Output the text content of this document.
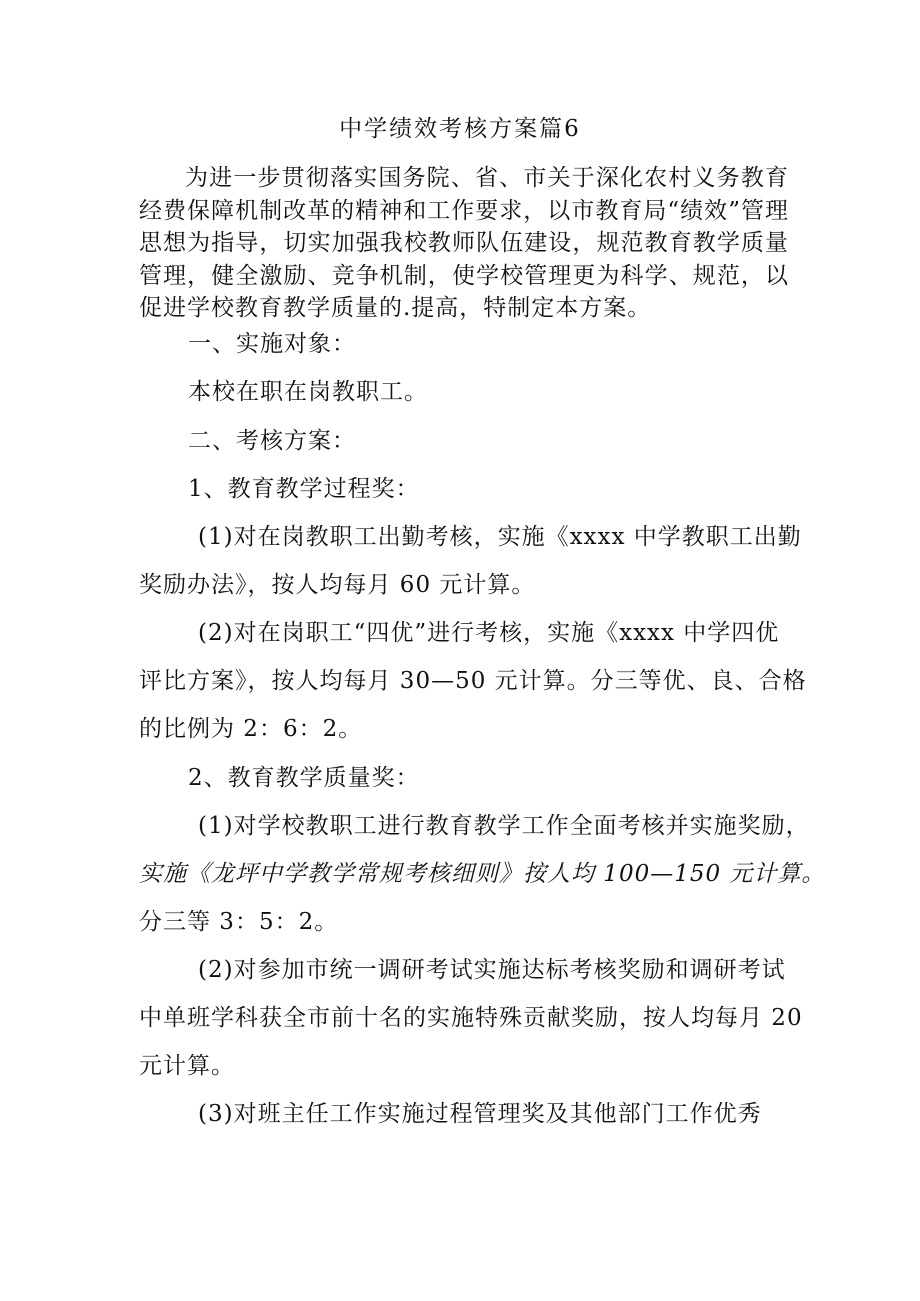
中学绩效考核方案篇6

为进一步贯彻落实国务院、省、市关于深化农村义务教育经费保障机制改革的精神和工作要求，以市教育局“绩效”管理思想为指导，切实加强我校教师队伍建设，规范教育教学质量管理，健全激励、竞争机制，使学校管理更为科学、规范，以促进学校教育教学质量的.提高，特制定本方案。

一、实施对象：

本校在职在岗教职工。

二、考核方案：

1、教育教学过程奖：

(1)对在岗教职工出勤考核，实施《xxxx 中学教职工出勤

奖励办法》，按人均每月 60 元计算。

(2)对在岗职工“四优”进行考核，实施《xxxx 中学四优

评比方案》，按人均每月 30—50 元计算。分三等优、良、合格

的比例为 2：6：2。

2、教育教学质量奖：

(1)对学校教职工进行教育教学工作全面考核并实施奖励，

实施《龙坪中学教学常规考核细则》按人均 100—150 元计算。

分三等 3：5：2。

(2)对参加市统一调研考试实施达标考核奖励和调研考试

中单班学科获全市前十名的实施特殊贡献奖励，按人均每月 20

元计算。

(3)对班主任工作实施过程管理奖及其他部门工作优秀
